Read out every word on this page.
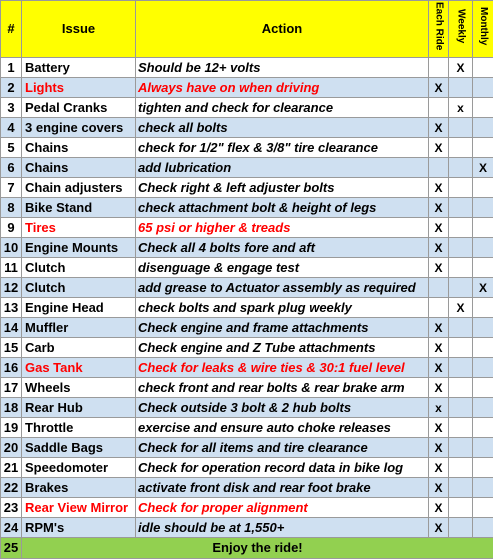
#	Issue	Action	Each Ride	Weekly	Monthly
1	Battery	Should be 12+ volts		X	
2	Lights	Always have on when driving	X		
3	Pedal Cranks	tighten and check for clearance		x	
4	3 engine covers	check all bolts	X		
5	Chains	check for 1/2" flex & 3/8" tire clearance	X		
6	Chains	add lubrication			X
7	Chain adjusters	Check right & left adjuster bolts	X		
8	Bike Stand	check attachment bolt & height of legs	X		
9	Tires	65 psi or higher & treads	X		
10	Engine Mounts	Check all 4 bolts fore and aft	X		
11	Clutch	disenguage & engage test	X		
12	Clutch	add grease to Actuator assembly as required			X
13	Engine Head	check bolts and spark plug weekly		X	
14	Muffler	Check engine and frame attachments	X		
15	Carb	Check engine and Z Tube attachments	X		
16	Gas Tank	Check for leaks & wire ties & 30:1 fuel level	X		
17	Wheels	check front and rear bolts & rear brake arm	X		
18	Rear Hub	Check outside 3 bolt & 2 hub bolts	x		
19	Throttle	exercise and ensure auto choke releases	X		
20	Saddle Bags	Check for all items and tire clearance	X		
21	Speedomoter	Check for operation record data in bike log	X		
22	Brakes	activate front disk and rear foot brake	X		
23	Rear View Mirror	Check for proper alignment	X		
24	RPM's	idle should be at 1,550+	X		
25	Enjoy the ride!				
